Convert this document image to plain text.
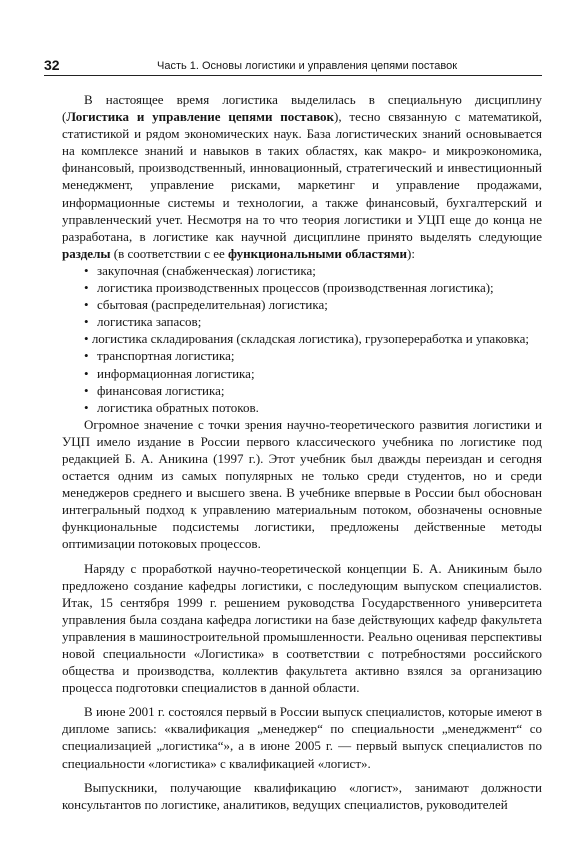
32	Часть 1. Основы логистики и управления цепями поставок

В настоящее время логистика выделилась в специальную дисциплину (Логистика и управление цепями поставок), тесно связанную с математикой, статистикой и рядом экономических наук. База логистических знаний основывается на комплексе знаний и навыков в таких областях, как макро- и микроэкономика, финансовый, производственный, инновационный, стратегический и инвестиционный менеджмент, управление рисками, маркетинг и управление продажами, информационные системы и технологии, а также финансовый, бухгалтерский и управленческий учет. Несмотря на то что теория логистики и УЦП еще до конца не разработана, в логистике как научной дисциплине принято выделять следующие разделы (в соответствии с ее функциональными областями):

• закупочная (снабженческая) логистика;
• логистика производственных процессов (производственная логистика);
• сбытовая (распределительная) логистика;
• логистика запасов;
• логистика складирования (складская логистика), грузопереработка и упаковка;
• транспортная логистика;
• информационная логистика;
• финансовая логистика;
• логистика обратных потоков.

Огромное значение с точки зрения научно-теоретического развития логистики и УЦП имело издание в России первого классического учебника по логистике под редакцией Б. А. Аникина (1997 г.). Этот учебник был дважды переиздан и сегодня остается одним из самых популярных не только среди студентов, но и среди менеджеров среднего и высшего звена. В учебнике впервые в России был обоснован интегральный подход к управлению материальным потоком, обозначены основные функциональные подсистемы логистики, предложены действенные методы оптимизации потоковых процессов.

Наряду с проработкой научно-теоретической концепции Б. А. Аникиным было предложено создание кафедры логистики, с последующим выпуском специалистов. Итак, 15 сентября 1999 г. решением руководства Государственного университета управления была создана кафедра логистики на базе действующих кафедр факультета управления в машиностроительной промышленности. Реально оценивая перспективы новой специальности «Логистика» в соответствии с потребностями российского общества и производства, коллектив факультета активно взялся за организацию процесса подготовки специалистов в данной области.

В июне 2001 г. состоялся первый в России выпуск специалистов, которые имеют в дипломе запись: «квалификация „менеджер“ по специальности „менеджмент“ со специализацией „логистика“», а в июне 2005 г. — первый выпуск специалистов по специальности «логистика» с квалификацией «логист».

Выпускники, получающие квалификацию «логист», занимают должности консультантов по логистике, аналитиков, ведущих специалистов, руководителей
